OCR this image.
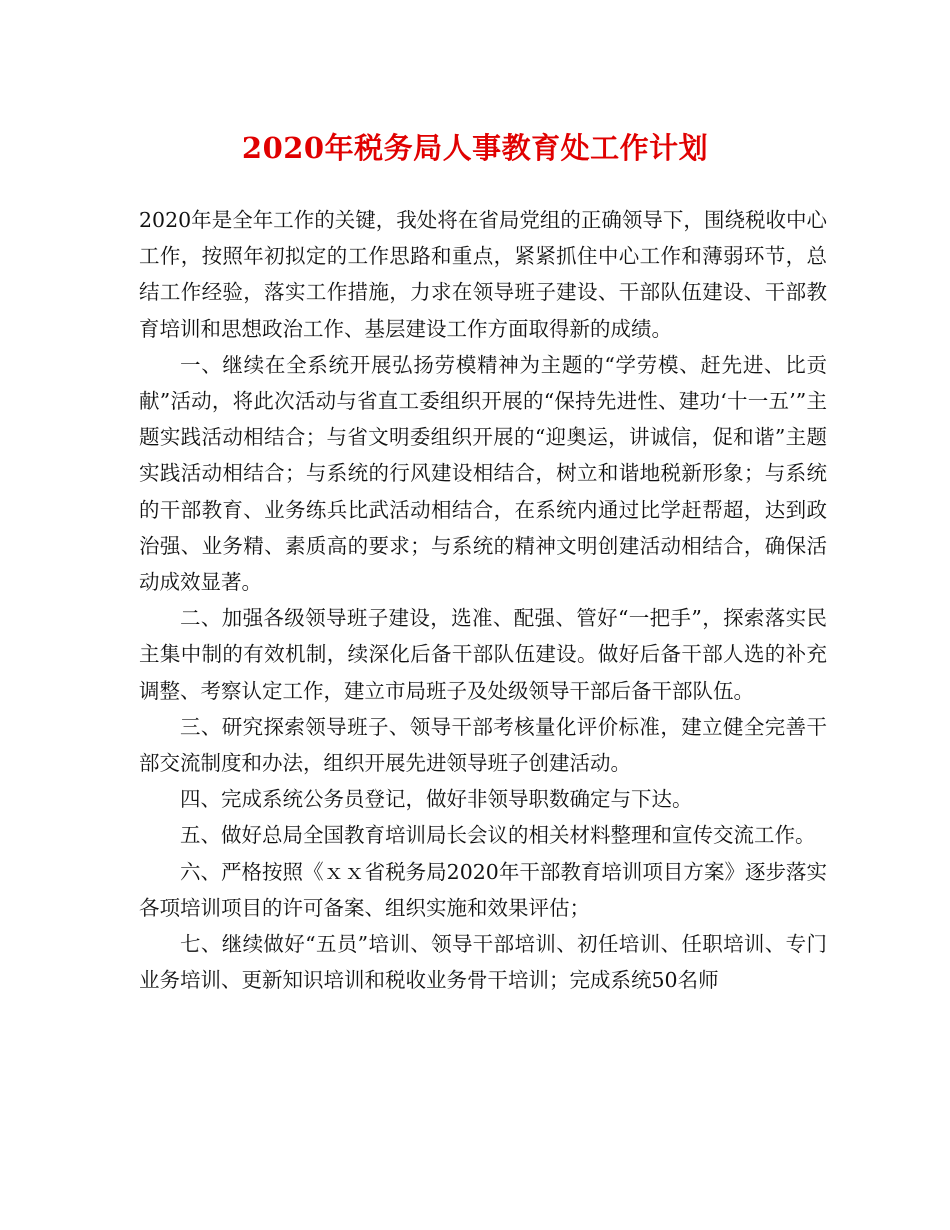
2020年税务局人事教育处工作计划

2020年是全年工作的关键，我处将在省局党组的正确领导下，围绕税收中心工作，按照年初拟定的工作思路和重点，紧紧抓住中心工作和薄弱环节，总结工作经验，落实工作措施，力求在领导班子建设、干部队伍建设、干部教育培训和思想政治工作、基层建设工作方面取得新的成绩。

一、继续在全系统开展弘扬劳模精神为主题的“学劳模、赶先进、比贡献”活动，将此次活动与省直工委组织开展的“保持先进性、建功‘十一五’”主题实践活动相结合；与省文明委组织开展的“迎奥运，讲诚信，促和谐”主题实践活动相结合；与系统的行风建设相结合，树立和谐地税新形象；与系统的干部教育、业务练兵比武活动相结合，在系统内通过比学赶帮超，达到政治强、业务精、素质高的要求；与系统的精神文明创建活动相结合，确保活动成效显著。

二、加强各级领导班子建设，选准、配强、管好“一把手”，探索落实民主集中制的有效机制，续深化后备干部队伍建设。做好后备干部人选的补充调整、考察认定工作，建立市局班子及处级领导干部后备干部队伍。

三、研究探索领导班子、领导干部考核量化评价标准，建立健全完善干部交流制度和办法，组织开展先进领导班子创建活动。

四、完成系统公务员登记，做好非领导职数确定与下达。

五、做好总局全国教育培训局长会议的相关材料整理和宣传交流工作。

六、严格按照《ｘｘ省税务局2020年干部教育培训项目方案》逐步落实各项培训项目的许可备案、组织实施和效果评估；

七、继续做好“五员”培训、领导干部培训、初任培训、任职培训、专门业务培训、更新知识培训和税收业务骨干培训；完成系统50名师
